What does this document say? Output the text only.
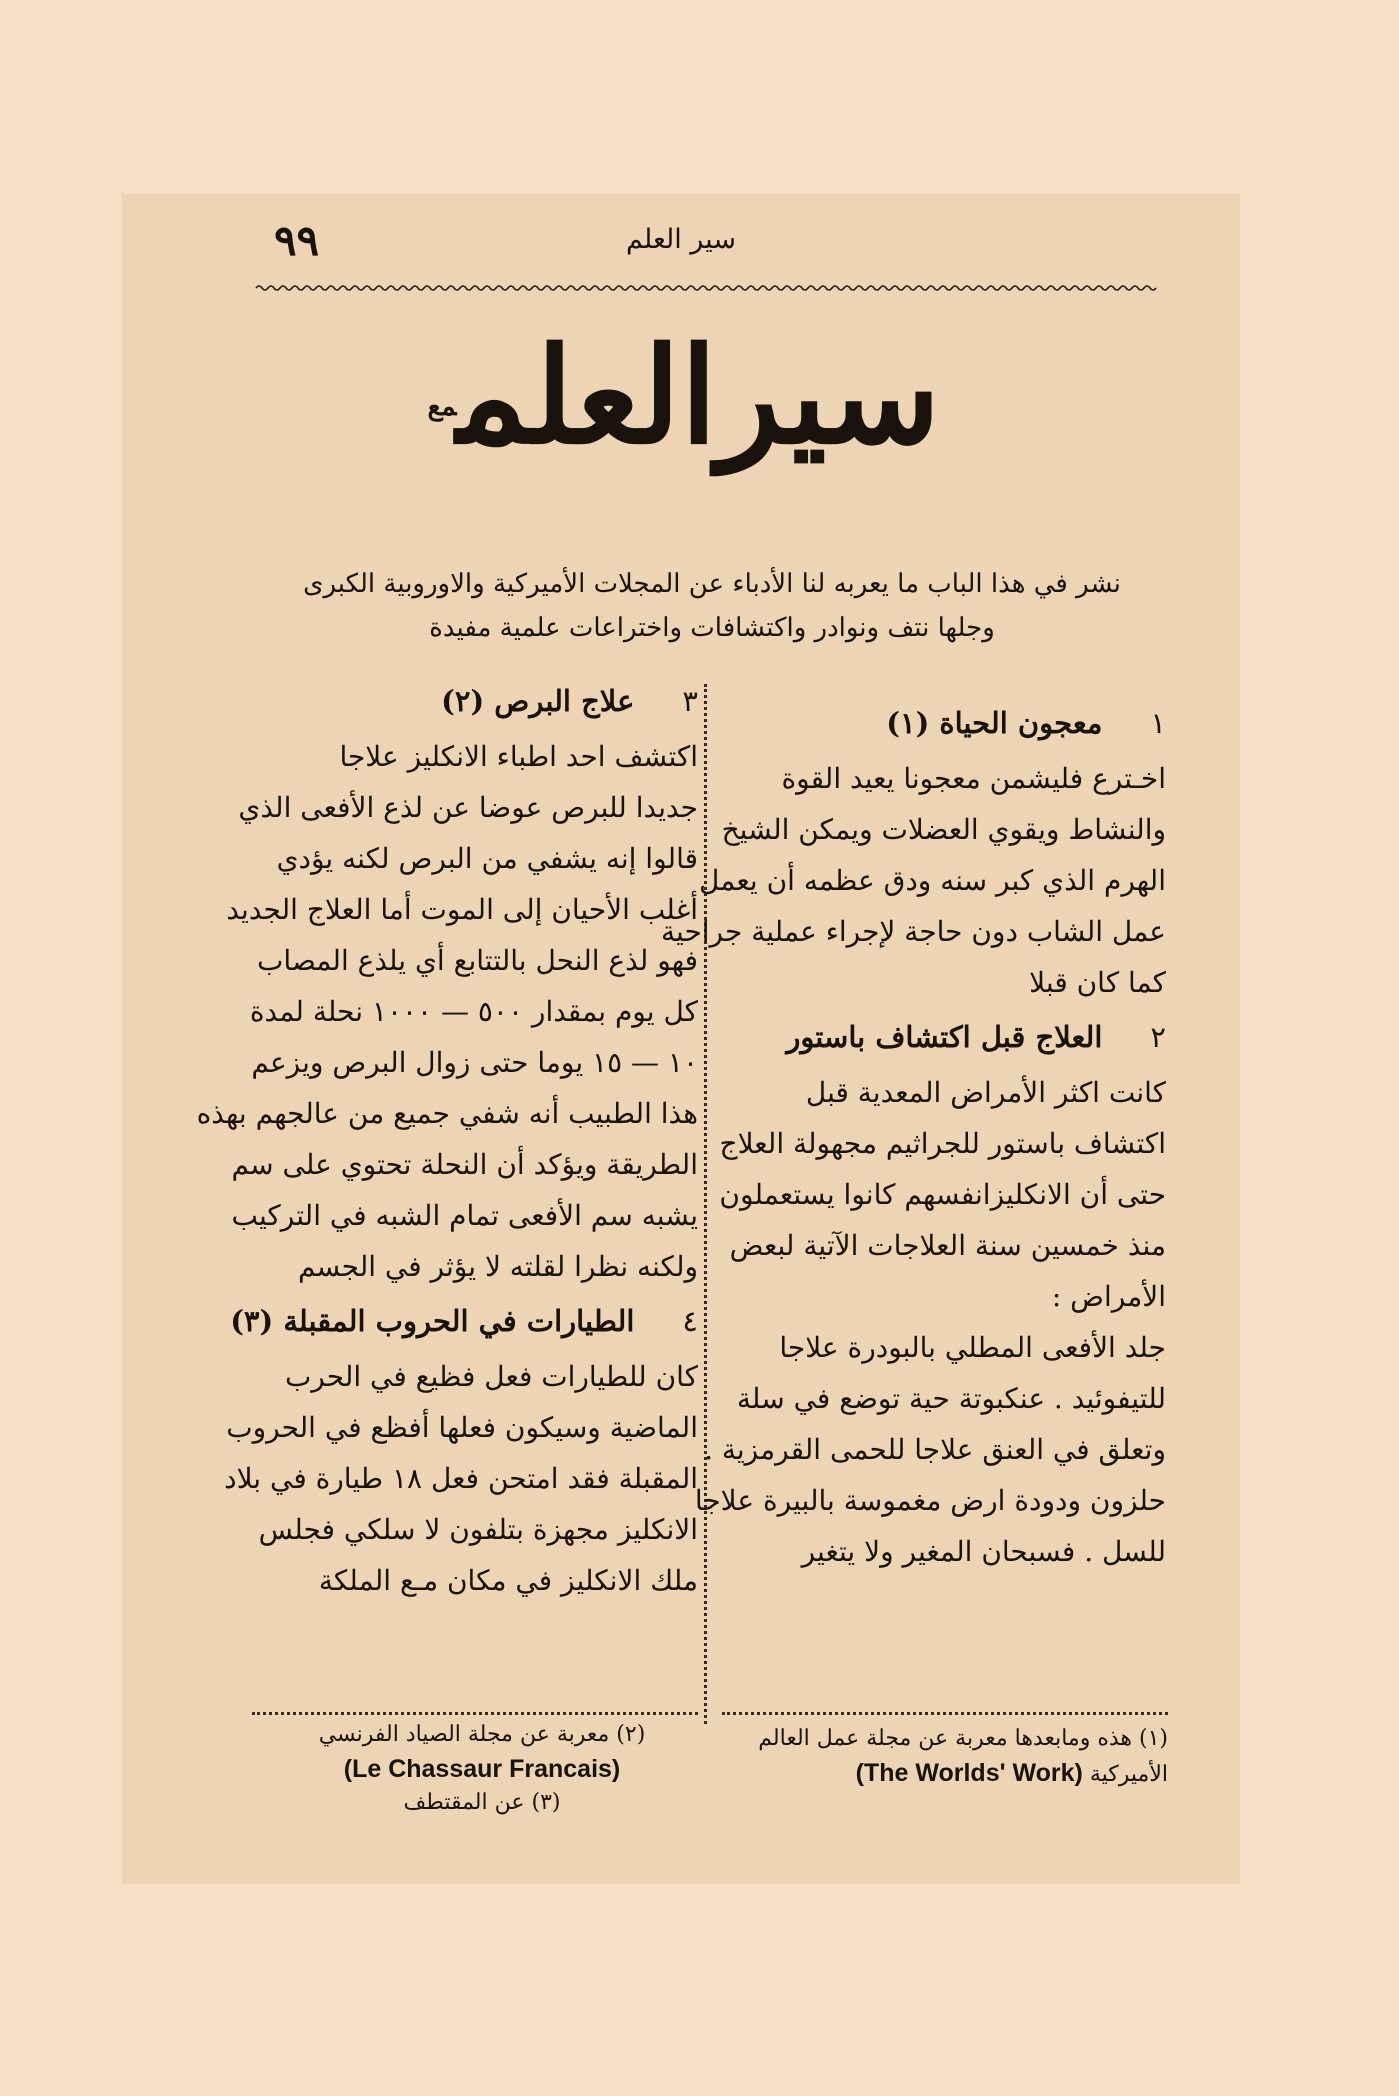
سير العلم
٩٩
سيرالعلممع
نشر في هذا الباب ما يعربه لنا الأدباء عن المجلات الأميركية والاوروبية الكبرى
وجلها نتف ونوادر واكتشافات واختراعات علمية مفيدة
١معجون الحياة (١)
اخـترع فليشمن معجونا يعيد القوة
والنشاط ويقوي العضلات ويمكن الشيخ
الهرم الذي كبر سنه ودق عظمه أن يعمل
عمل الشاب دون حاجة لإجراء عملية جراحية
كما كان قبلا
٢العلاج قبل اكتشاف باستور
كانت اكثر الأمراض المعدية قبل
اكتشاف باستور للجراثيم مجهولة العلاج
حتى أن الانكليزانفسهم كانوا يستعملون
منذ خمسين سنة العلاجات الآتية لبعض
الأمراض :
جلد الأفعى المطلي بالبودرة علاجا
للتيفوئيد . عنكبوتة حية توضع في سلة
وتعلق في العنق علاجا للحمى القرمزية .
حلزون ودودة ارض مغموسة بالبيرة علاجا
للسل . فسبحان المغير ولا يتغير
٣علاج البرص (٢)
اكتشف احد اطباء الانكليز علاجا
جديدا للبرص عوضا عن لذع الأفعى الذي
قالوا إنه يشفي من البرص لكنه يؤدي
أغلب الأحيان إلى الموت أما العلاج الجديد
فهو لذع النحل بالتتابع أي يلذع المصاب
كل يوم بمقدار ٥٠٠ — ١٠٠٠ نحلة لمدة
١٠ — ١٥ يوما حتى زوال البرص ويزعم
هذا الطبيب أنه شفي جميع من عالجهم بهذه
الطريقة ويؤكد أن النحلة تحتوي على سم
يشبه سم الأفعى تمام الشبه في التركيب
ولكنه نظرا لقلته لا يؤثر في الجسم
٤الطيارات في الحروب المقبلة (٣)
كان للطيارات فعل فظيع في الحرب
الماضية وسيكون فعلها أفظع في الحروب
المقبلة فقد امتحن فعل ١٨ طيارة في بلاد
الانكليز مجهزة بتلفون لا سلكي فجلس
ملك الانكليز في مكان مـع الملكة
(١) هذه ومابعدها معربة عن مجلة عمل العالم
الأميركية (The Worlds' Work)
(٢) معربة عن مجلة الصياد الفرنسي
(Le Chassaur Francais)
(٣) عن المقتطف
